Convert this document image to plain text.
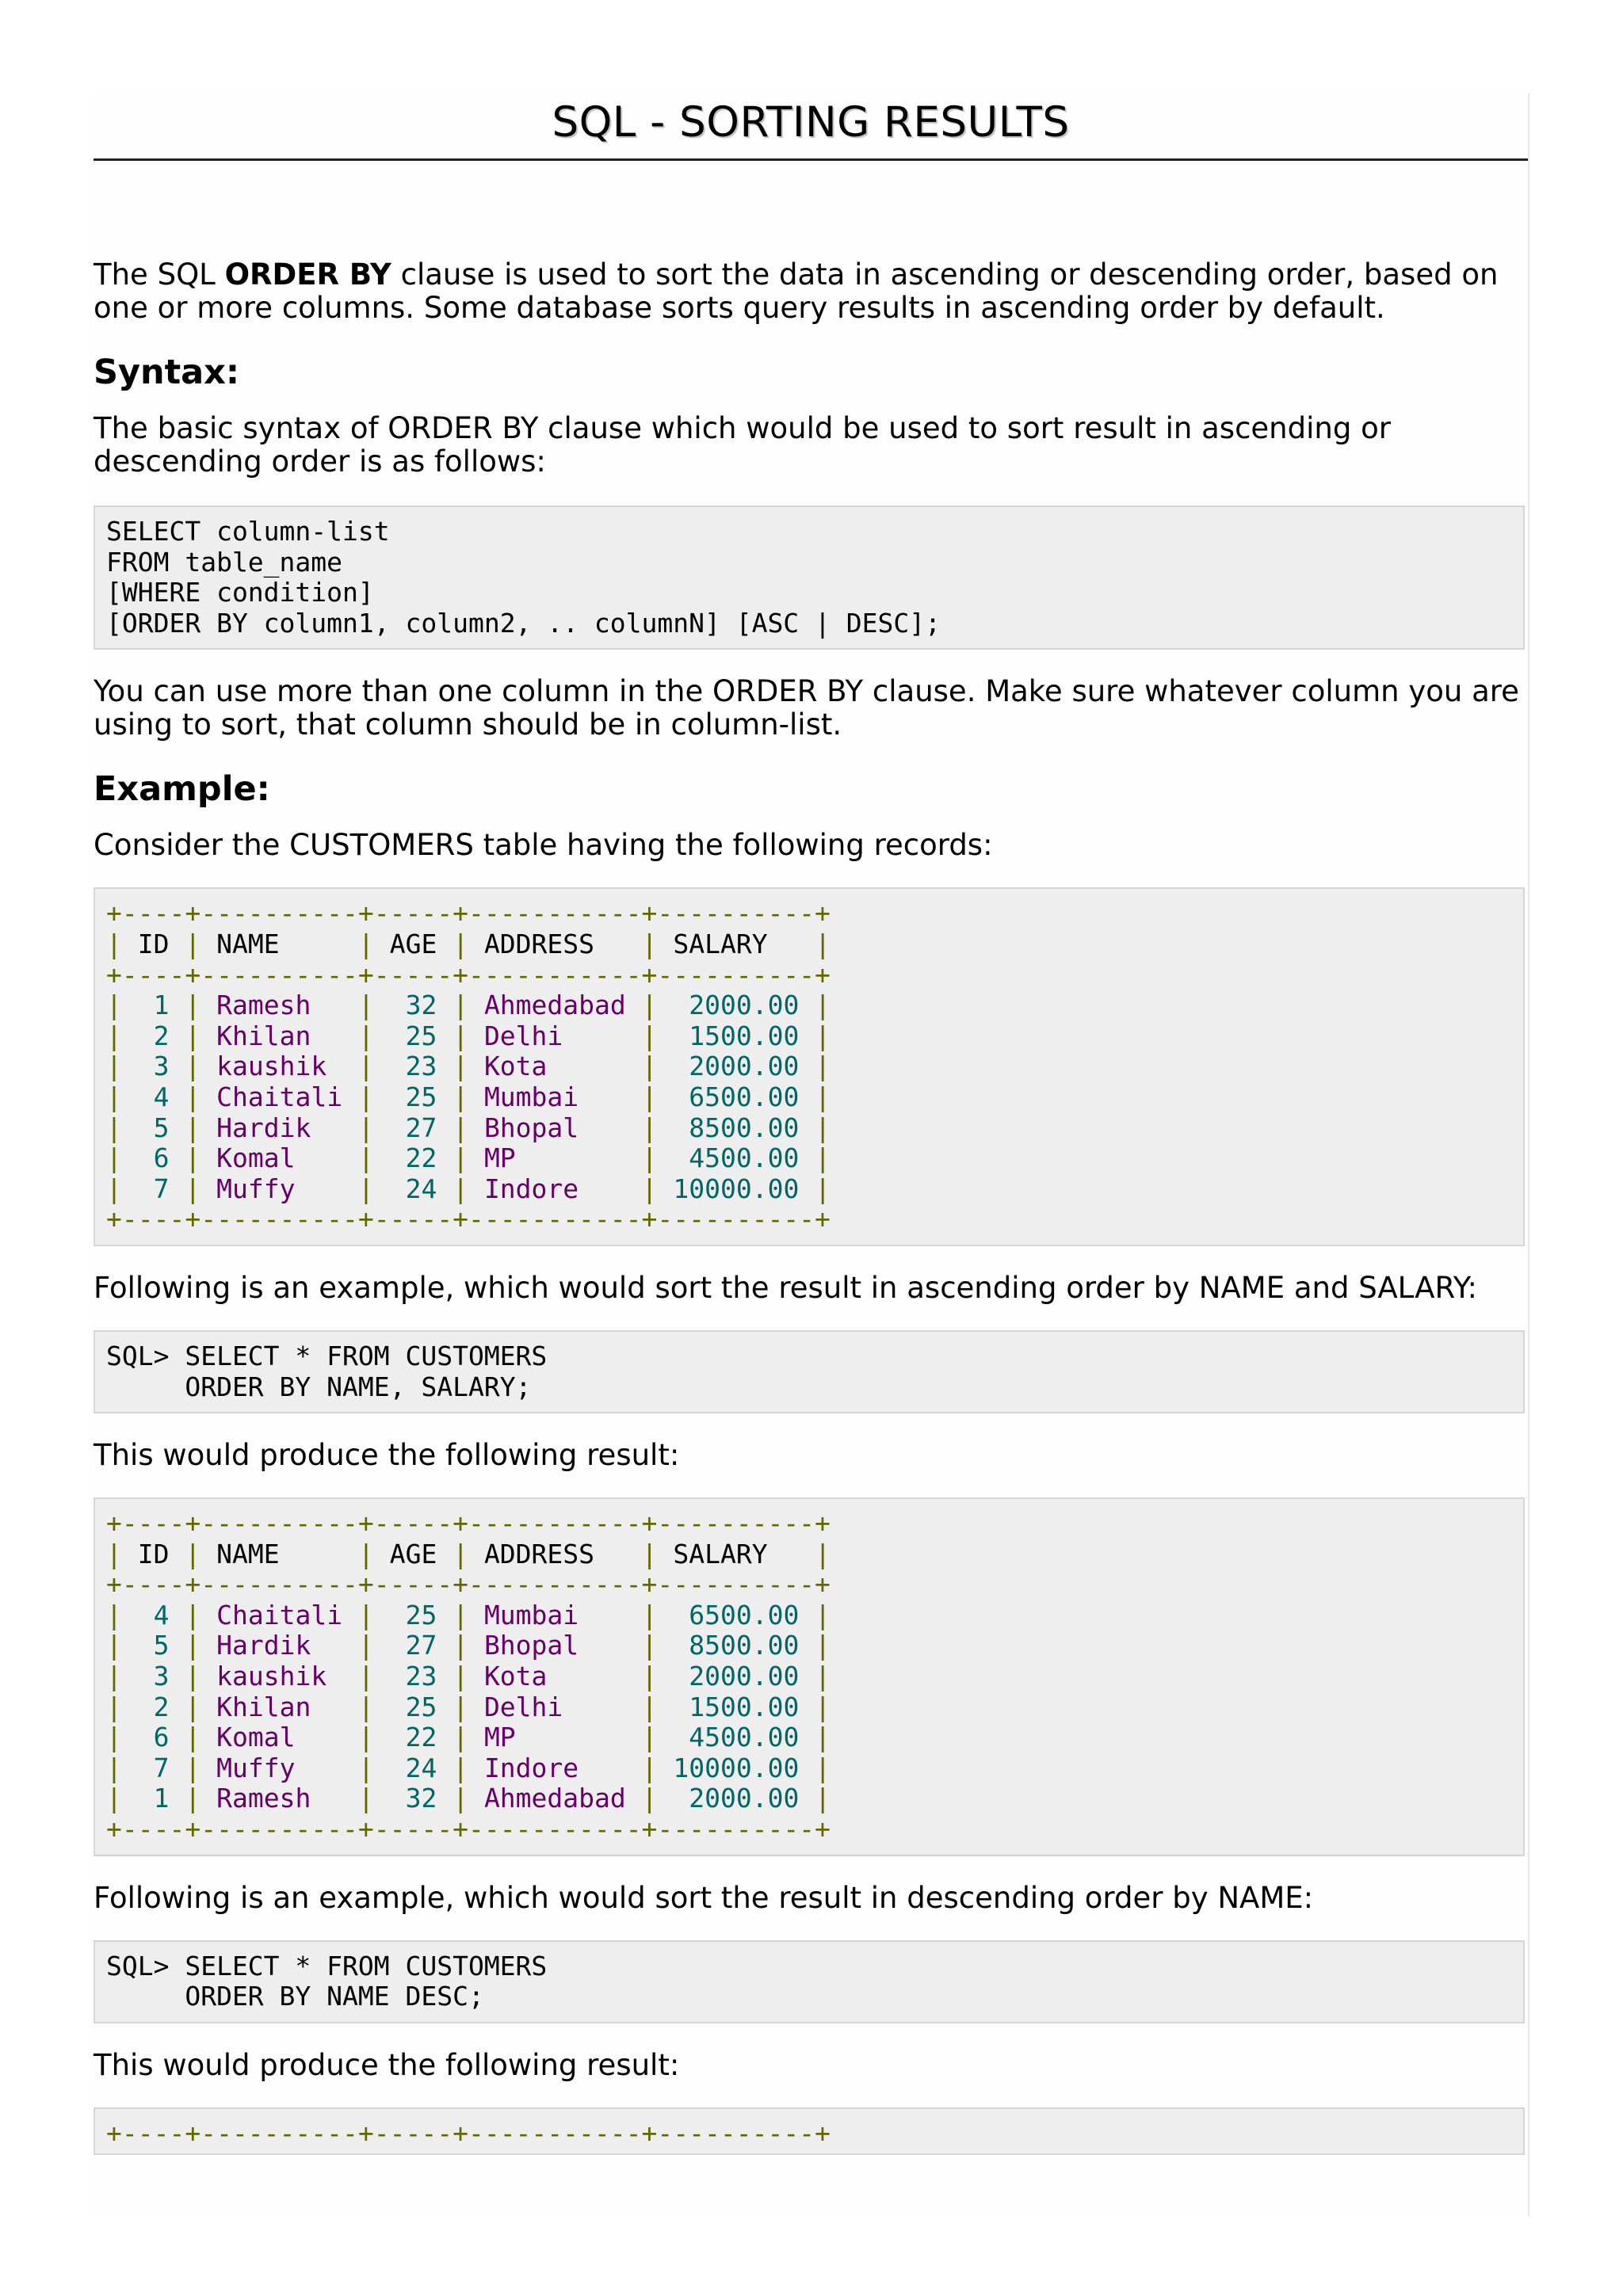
SQL - SORTING RESULTS

The SQL ORDER BY clause is used to sort the data in ascending or descending order, based on one or more columns. Some database sorts query results in ascending order by default.

Syntax:

The basic syntax of ORDER BY clause which would be used to sort result in ascending or descending order is as follows:

SELECT column-list
FROM table_name
[WHERE condition]
[ORDER BY column1, column2, .. columnN] [ASC | DESC];

You can use more than one column in the ORDER BY clause. Make sure whatever column you are using to sort, that column should be in column-list.

Example:

Consider the CUSTOMERS table having the following records:

+----+----------+-----+-----------+----------+
| ID | NAME     | AGE | ADDRESS   | SALARY   |
+----+----------+-----+-----------+----------+
|  1 | Ramesh   |  32 | Ahmedabad |  2000.00 |
|  2 | Khilan   |  25 | Delhi     |  1500.00 |
|  3 | kaushik  |  23 | Kota      |  2000.00 |
|  4 | Chaitali |  25 | Mumbai    |  6500.00 |
|  5 | Hardik   |  27 | Bhopal    |  8500.00 |
|  6 | Komal    |  22 | MP        |  4500.00 |
|  7 | Muffy    |  24 | Indore    | 10000.00 |
+----+----------+-----+-----------+----------+

Following is an example, which would sort the result in ascending order by NAME and SALARY:

SQL> SELECT * FROM CUSTOMERS
ORDER BY NAME, SALARY;

This would produce the following result:

+----+----------+-----+-----------+----------+
| ID | NAME     | AGE | ADDRESS   | SALARY   |
+----+----------+-----+-----------+----------+
|  4 | Chaitali |  25 | Mumbai    |  6500.00 |
|  5 | Hardik   |  27 | Bhopal    |  8500.00 |
|  3 | kaushik  |  23 | Kota      |  2000.00 |
|  2 | Khilan   |  25 | Delhi     |  1500.00 |
|  6 | Komal    |  22 | MP        |  4500.00 |
|  7 | Muffy    |  24 | Indore    | 10000.00 |
|  1 | Ramesh   |  32 | Ahmedabad |  2000.00 |
+----+----------+-----+-----------+----------+

Following is an example, which would sort the result in descending order by NAME:

SQL> SELECT * FROM CUSTOMERS
ORDER BY NAME DESC;

This would produce the following result:

+----+----------+-----+-----------+----------+
